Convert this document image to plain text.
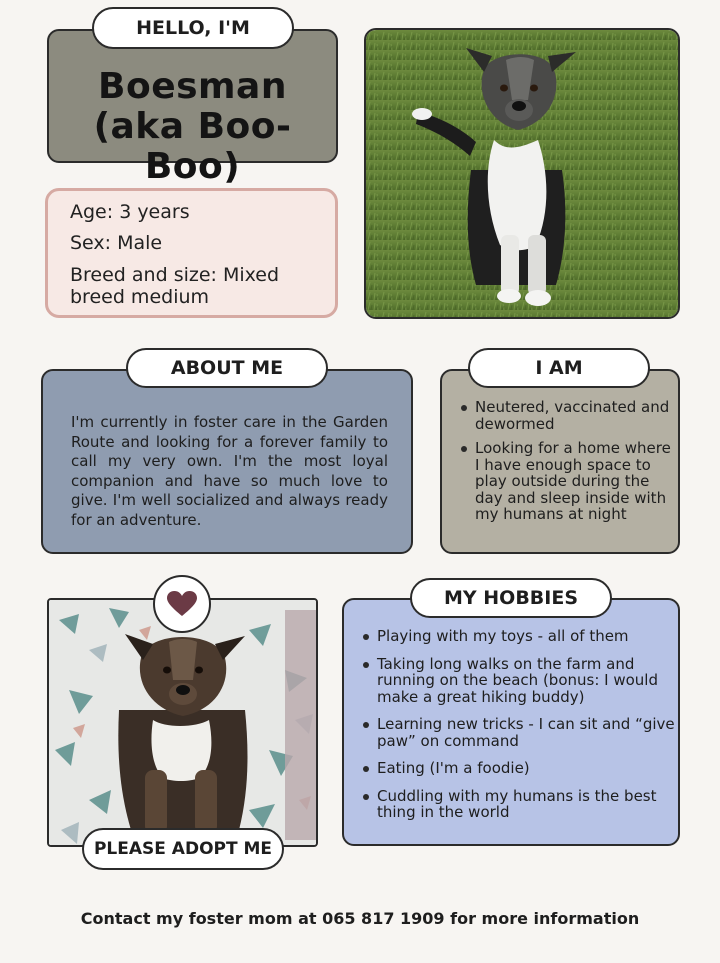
Boesman (aka Boo-Boo)
HELLO, I'M
Age: 3 years
Sex: Male
Breed and size: Mixed breed medium
I'm currently in foster care in the Garden Route and looking for a forever family to call my very own. I'm the most loyal companion and have so much love to give. I'm well socialized and always ready for an adventure.
ABOUT ME
Neutered, vaccinated and dewormed
Looking for a home where I have enough space to play outside during the day and sleep inside with my humans at night
I AM
PLEASE ADOPT ME
Playing with my toys - all of them
Taking long walks on the farm and running on the beach (bonus: I would make a great hiking buddy)
Learning new tricks - I can sit and “give paw” on command
Eating (I'm a foodie)
Cuddling with my humans is the best thing in the world
MY HOBBIES
Contact my foster mom at 065 817 1909 for more information
